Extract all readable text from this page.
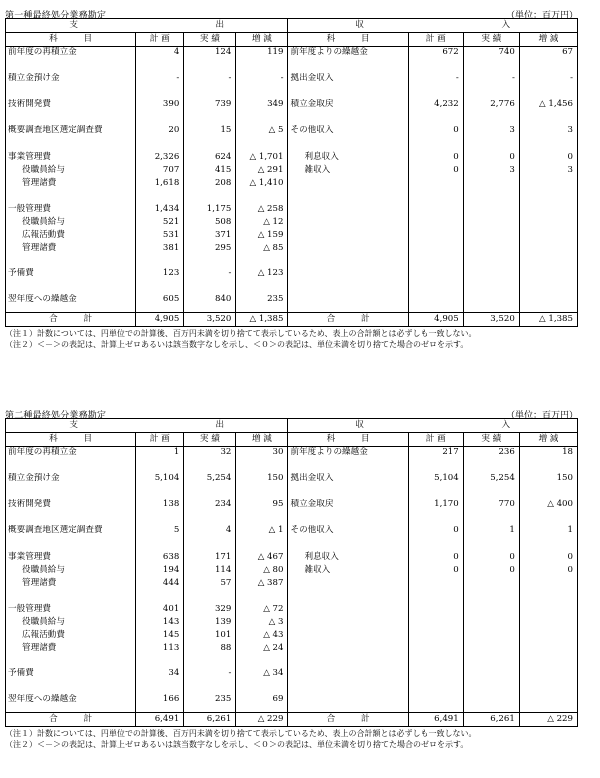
第一種最終処分業務勘定	（単位：百万円）
支　　　　　　　　　　　　　　　　出				収　　　　　　　　　　　　　　　　入			
科　　　目	計 画	実 績	増 減	科　　　目	計 画	実 績	増 減
前年度の再積立金	4	124	119	前年度よりの繰越金	672	740	67
積立金預け金	-	-	-	拠出金収入	-	-	-
技術開発費	390	739	349	積立金取戻	4,232	2,776	△ 1,456
概要調査地区選定調査費	20	15	△ 5	その他収入	0	3	3
事業管理費	2,326	624	△ 1,701	利息収入	0	0	0
役職員給与	707	415	△ 291	雑収入	0	3	3
管理諸費	1,618	208	△ 1,410				

一般管理費	1,434	1,175	△ 258				
役職員給与	521	508	△ 12				
広報活動費	531	371	△ 159				
管理諸費	381	295	△ 85				

予備費	123	-	△ 123				
翌年度への繰越金	605	840	235				
合　　　計	4,905	3,520	△ 1,385	合　　　計	4,905	3,520	△ 1,385
（注１）計数については、円単位での計算後、百万円未満を切り捨てて表示しているため、表上の合計額とは必ずしも一致しない。
（注２）＜－＞の表記は、計算上ゼロあるいは該当数字なしを示し、＜０＞の表記は、単位未満を切り捨てた場合のゼロを示す。
第二種最終処分業務勘定	（単位：百万円）
支　　　　　　　　　　　　　　　　出				収　　　　　　　　　　　　　　　　入			
科　　　目	計 画	実 績	増 減	科　　　目	計 画	実 績	増 減
前年度の再積立金	1	32	30	前年度よりの繰越金	217	236	18
積立金預け金	5,104	5,254	150	拠出金収入	5,104	5,254	150
技術開発費	138	234	95	積立金取戻	1,170	770	△ 400
概要調査地区選定調査費	5	4	△ 1	その他収入	0	1	1
事業管理費	638	171	△ 467	利息収入	0	0	0
役職員給与	194	114	△ 80	雑収入	0	0	0
管理諸費	444	57	△ 387				

一般管理費	401	329	△ 72				
役職員給与	143	139	△ 3				
広報活動費	145	101	△ 43				
管理諸費	113	88	△ 24				

予備費	34	-	△ 34				
翌年度への繰越金	166	235	69				
合　　　計	6,491	6,261	△ 229	合　　　計	6,491	6,261	△ 229
（注１）計数については、円単位での計算後、百万円未満を切り捨てて表示しているため、表上の合計額とは必ずしも一致しない。
（注２）＜－＞の表記は、計算上ゼロあるいは該当数字なしを示し、＜０＞の表記は、単位未満を切り捨てた場合のゼロを示す。
